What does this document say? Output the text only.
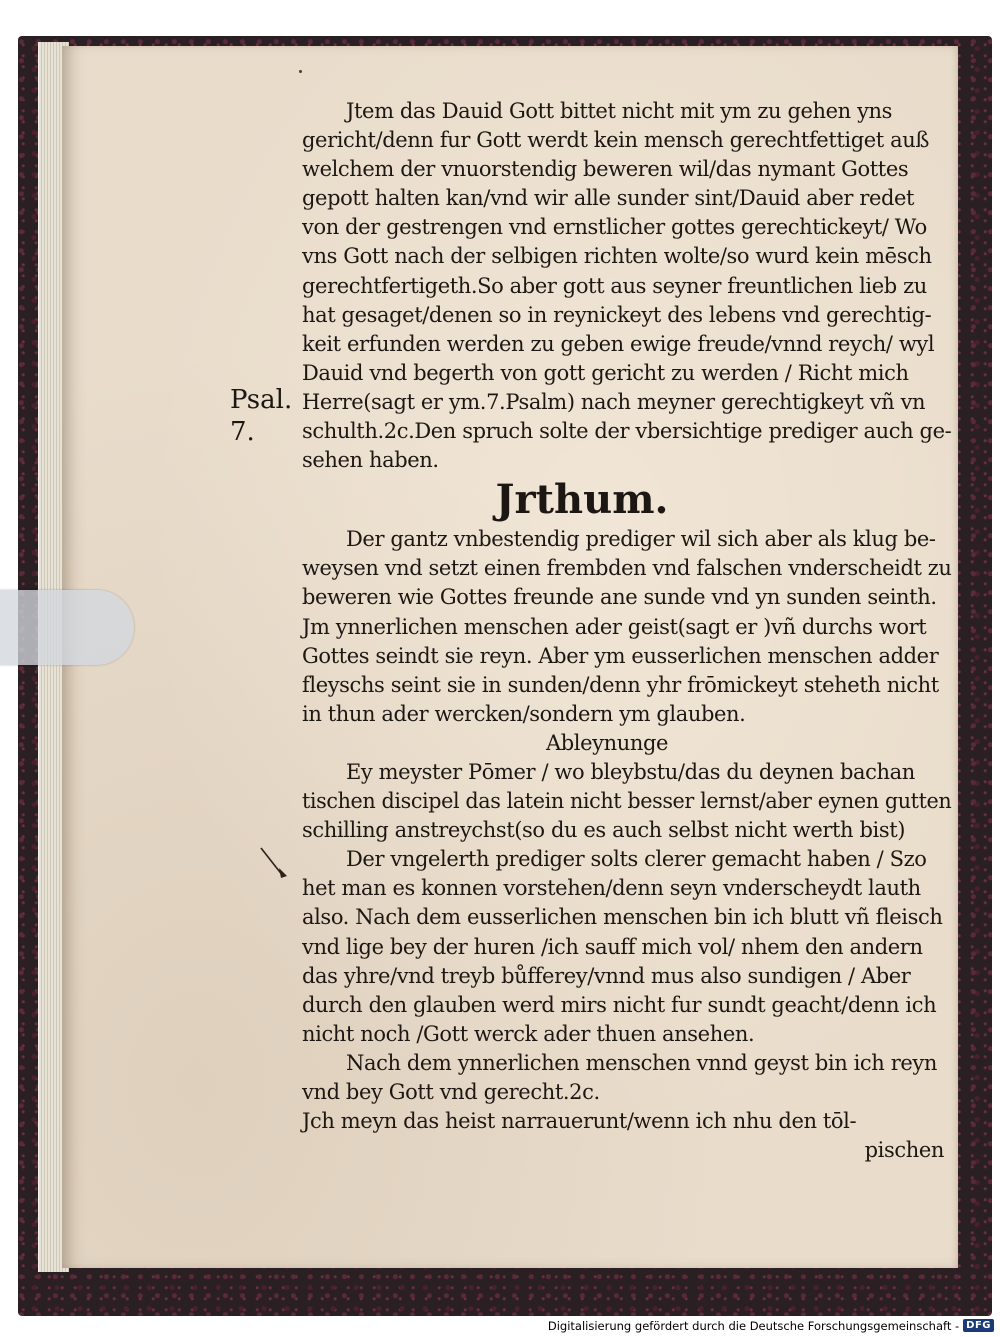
Psal.
7.
Jtem das Dauid Gott bittet nicht mit ym zu gehen yns
gericht/denn fur Gott werdt kein mensch gerechtfettiget auß
welchem der vnuorstendig beweren wil/das nymant Gottes
gepott halten kan/vnd wir alle sunder sint/Dauid aber redet
von der gestrengen vnd ernstlicher gottes gerechtickeyt/ Wo
vns Gott nach der selbigen richten wolte/so wurd kein mēsch
gerechtfertigeth.So aber gott aus seyner freuntlichen lieb zu
hat gesaget/denen so in reynickeyt des lebens vnd gerechtig-
keit erfunden werden zu geben ewige freude/vnnd reych/ wyl
Dauid vnd begerth von gott gericht zu werden / Richt mich
Herre(sagt er ym.7.Psalm) nach meyner gerechtigkeyt vñ vn
schulth.2c.Den spruch solte der vbersichtige prediger auch ge-
sehen haben.
Jrthum.
Der gantz vnbestendig prediger wil sich aber als klug be-
weysen vnd setzt einen frembden vnd falschen vnderscheidt zu
beweren wie Gottes freunde ane sunde vnd yn sunden seinth.
Jm ynnerlichen menschen ader geist(sagt er )vñ durchs wort
Gottes seindt sie reyn. Aber ym eusserlichen menschen adder
fleyschs seint sie in sunden/denn yhr frōmickeyt steheth nicht
in thun ader wercken/sondern ym glauben.
Ableynunge
Ey meyster Pōmer / wo bleybstu/das du deynen bachan
tischen discipel das latein nicht besser lernst/aber eynen gutten
schilling anstreychst(so du es auch selbst nicht werth bist)
Der vngelerth prediger solts clerer gemacht haben / Szo
het man es konnen vorstehen/denn seyn vnderscheydt lauth
also. Nach dem eusserlichen menschen bin ich blutt vñ fleisch
vnd lige bey der huren /ich sauff mich vol/ nhem den andern
das yhre/vnd treyb bůfferey/vnnd mus also sundigen / Aber
durch den glauben werd mirs nicht fur sundt geacht/denn ich
nicht noch /Gott werck ader thuen ansehen.
Nach dem ynnerlichen menschen vnnd geyst bin ich reyn
vnd bey Gott vnd gerecht.2c.
Jch meyn das heist narrauerunt/wenn ich nhu den tōl-
pischen
Digitalisierung gefördert durch die Deutsche Forschungsgemeinschaft - DFG
